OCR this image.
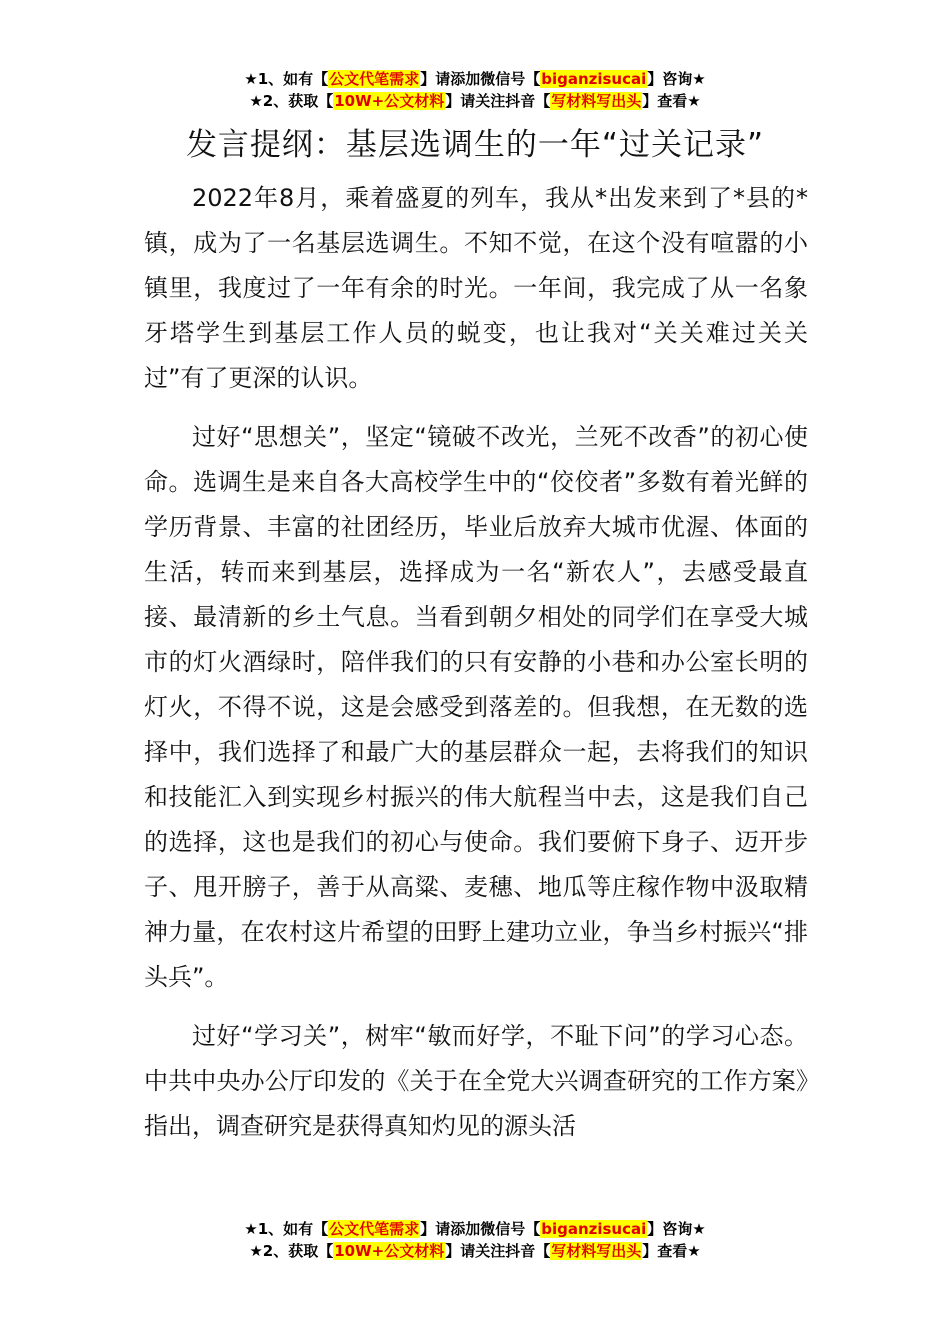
★1、如有【公文代笔需求】请添加微信号【biganzisucai】咨询★
★2、获取【10W+公文材料】请关注抖音【写材料写出头】查看★
发言提纲：基层选调生的一年“过关记录”

2022年8月，乘着盛夏的列车，我从*出发来到了*县的*镇，成为了一名基层选调生。不知不觉，在这个没有喧嚣的小镇里，我度过了一年有余的时光。一年间，我完成了从一名象牙塔学生到基层工作人员的蜕变，也让我对“关关难过关关过”有了更深的认识。

过好“思想关”，坚定“镜破不改光，兰死不改香”的初心使命。选调生是来自各大高校学生中的“佼佼者”多数有着光鲜的学历背景、丰富的社团经历，毕业后放弃大城市优渥、体面的生活，转而来到基层，选择成为一名“新农人”，去感受最直接、最清新的乡土气息。当看到朝夕相处的同学们在享受大城市的灯火酒绿时，陪伴我们的只有安静的小巷和办公室长明的灯火，不得不说，这是会感受到落差的。但我想，在无数的选择中，我们选择了和最广大的基层群众一起，去将我们的知识和技能汇入到实现乡村振兴的伟大航程当中去，这是我们自己的选择，这也是我们的初心与使命。我们要俯下身子、迈开步子、甩开膀子，善于从高粱、麦穗、地瓜等庄稼作物中汲取精神力量，在农村这片希望的田野上建功立业，争当乡村振兴“排头兵”。

过好“学习关”，树牢“敏而好学，不耻下问”的学习心态。中共中央办公厅印发的《关于在全党大兴调查研究的工作方案》指出，调查研究是获得真知灼见的源头活

★1、如有【公文代笔需求】请添加微信号【biganzisucai】咨询★
★2、获取【10W+公文材料】请关注抖音【写材料写出头】查看★
